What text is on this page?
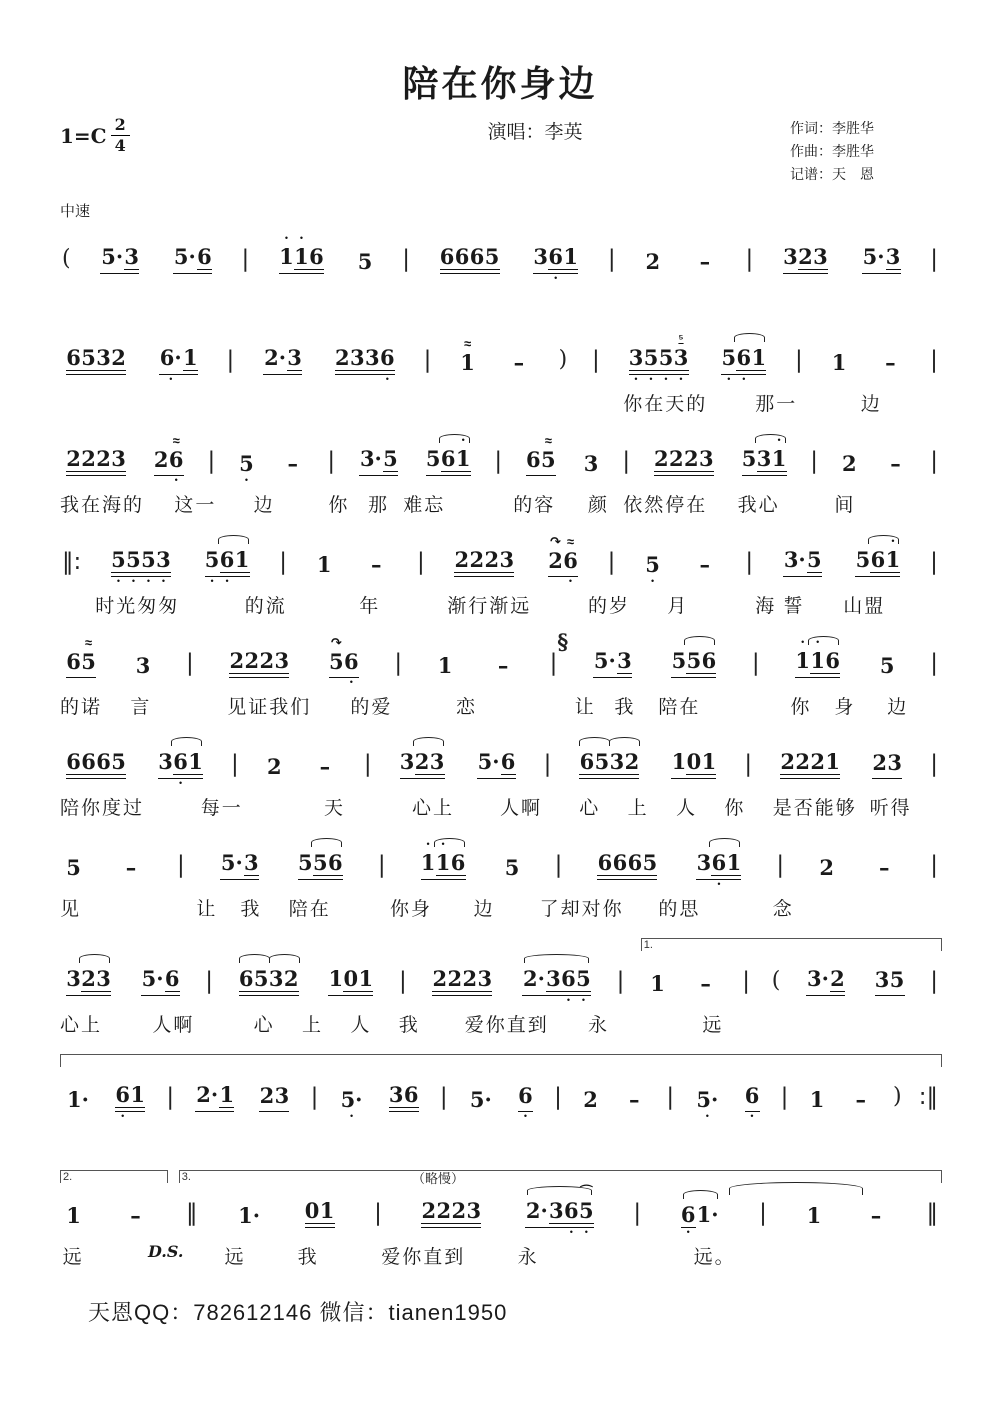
陪在你身边
$1=C \frac{2}{4}$	演唱：李英	作词：李胜华
作曲：李胜华
记谱：天　恩
中速
( 5· 3 5· 6 |
•	•
1 1 6 5 | 6 6 6 5 3 6 1
•
| 2 – | 3 2 3 5· 3 |
6 5 3 2 6· 1
•
| 2· 3 2 3 3 6
•
|
≈
1 – ) |
⁵
3 5 5 3
•	•	•	•
5 6 1
•	•
| 1 – |
你在天的	那一	边
2 2 2 3
≈
2 6
•
| 5
•
– | 3· 5
•
5 6 1 |
≈
6 5 3 | 2 2 2 3
•
5 3 1 | 2 – |
我在海的 这一 边	你 那 难忘	的容 颜 依然停在 我心	间
‖: 5 5 5 3
•	•	•	•
5 6 1
•	•
| 1 – | 2 2 2 3
↷ ≈
2 6
•
| 5
•
– | 3· 5
•
5 6 1 |
时光匆匆	的流	年	渐行渐远	的岁 月	海 誓 山盟
§
≈
6 5 3 | 2 2 2 3
↷
5 6
•
| 1 – | 5· 3 5 5 6 |
•	•
1 1 6 5 |
的诺 言	见证我们 的爱	恋	让 我 陪在	你 身 边
6 6 6 5 3 6 1
•
| 2 – | 3 2 3 5· 6 | 6 5 3 2 1 0 1 | 2 2 2 1 2 3 |
陪你度过	每一	天	心上 人啊 心 上 人 你 是否能够 听得
5 – | 5· 3 5 5 6 |
•	•
1 1 6 5 | 6 6 6 5 3 6 1
•
| 2 – |
见	让 我 陪在	你身 边 了却对你 的思	念
1.
3 2 3 5· 6 | 6 5 3 2 1 0 1 | 2 2 2 3 2· 3 6 5
•	•
| 1 – | ( 3· 2 3 5 |
心上	人啊	心 上 人 我 爱你直到 永	远
1· 6 1
•
| 2· 1 2 3 | 5·
•
3 6 | 5· 6
•
| 2 – | 5·
•
6
•
| 1 – ) :‖
2.	3.	（略慢）
1 – ‖ 1· 0 1 | 2 2 2 3
⌒
2· 3 6 5
•	•
| 6 1·
•
| 1 – ‖
远	D.S. 远	我	爱你直到	永	远。
天恩QQ：782612146 微信：tianen1950
